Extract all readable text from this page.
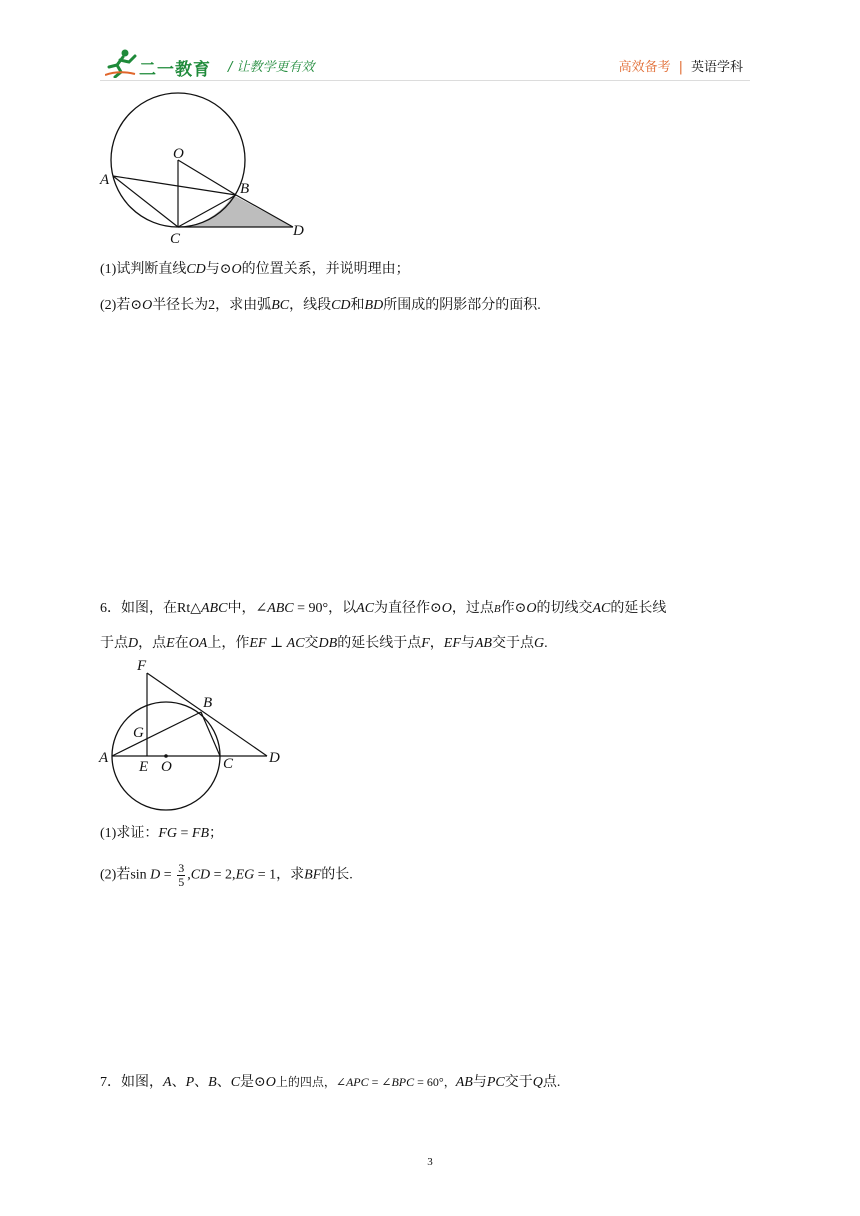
二一教育 / 让教学更有效	高效备考 | 英语学科
O
A
B
C	D
(1)试判断直线CD与⊙O的位置关系，并说明理由；
(2)若⊙O半径长为2，求由弧BC，线段CD和BD所围成的阴影部分的面积.
6．如图，在Rt△ABC中，∠ABC = 90°，以AC为直径作⊙O，过点B作⊙O的切线交AC的延长线
于点D，点E在OA上，作EF ⊥ AC交DB的延长线于点F，EF与AB交于点G.
F
B
G
A
E O	C D
(1)求证：FG = FB；
(2)若$\sin D = \frac{3}{5} ,CD = 2,EG = 1$，求BF的长.
7．如图，A、P、B、C是⊙O上的四点，∠APC = ∠BPC = 60°，AB与PC交于Q点.
3
